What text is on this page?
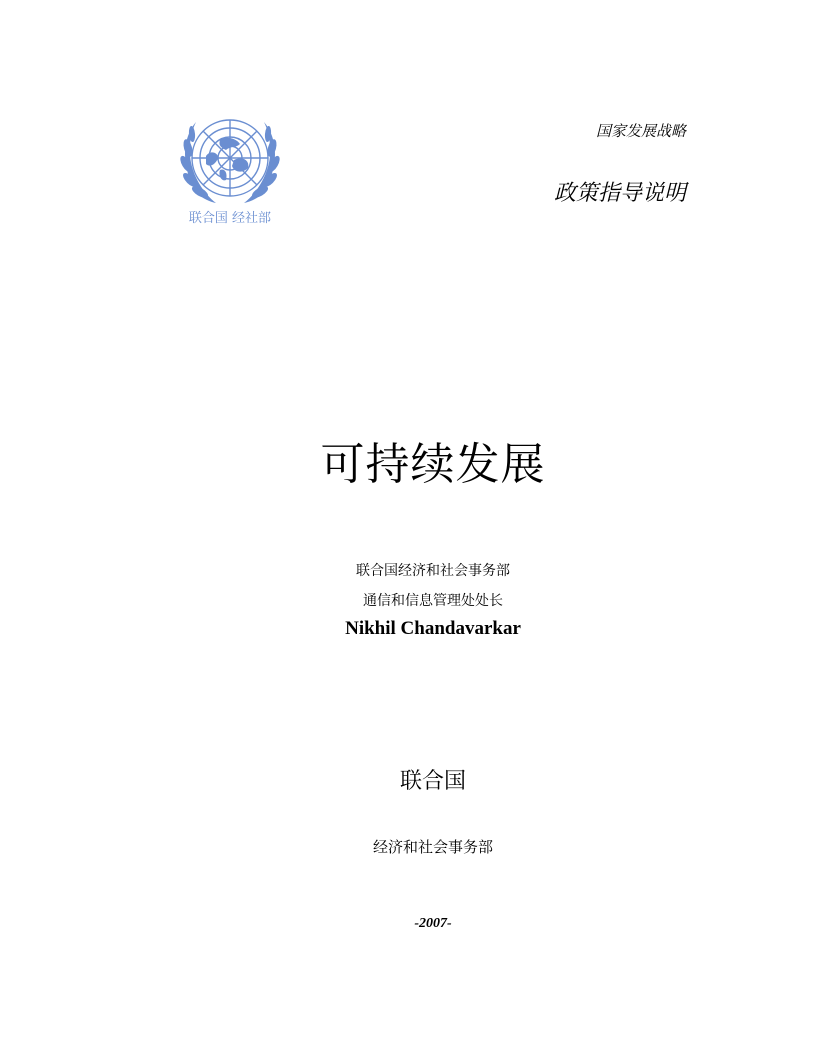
联合国 经社部
国家发展战略
政策指导说明
可持续发展
联合国经济和社会事务部
通信和信息管理处处长
Nikhil Chandavarkar
联合国
经济和社会事务部
-2007-
